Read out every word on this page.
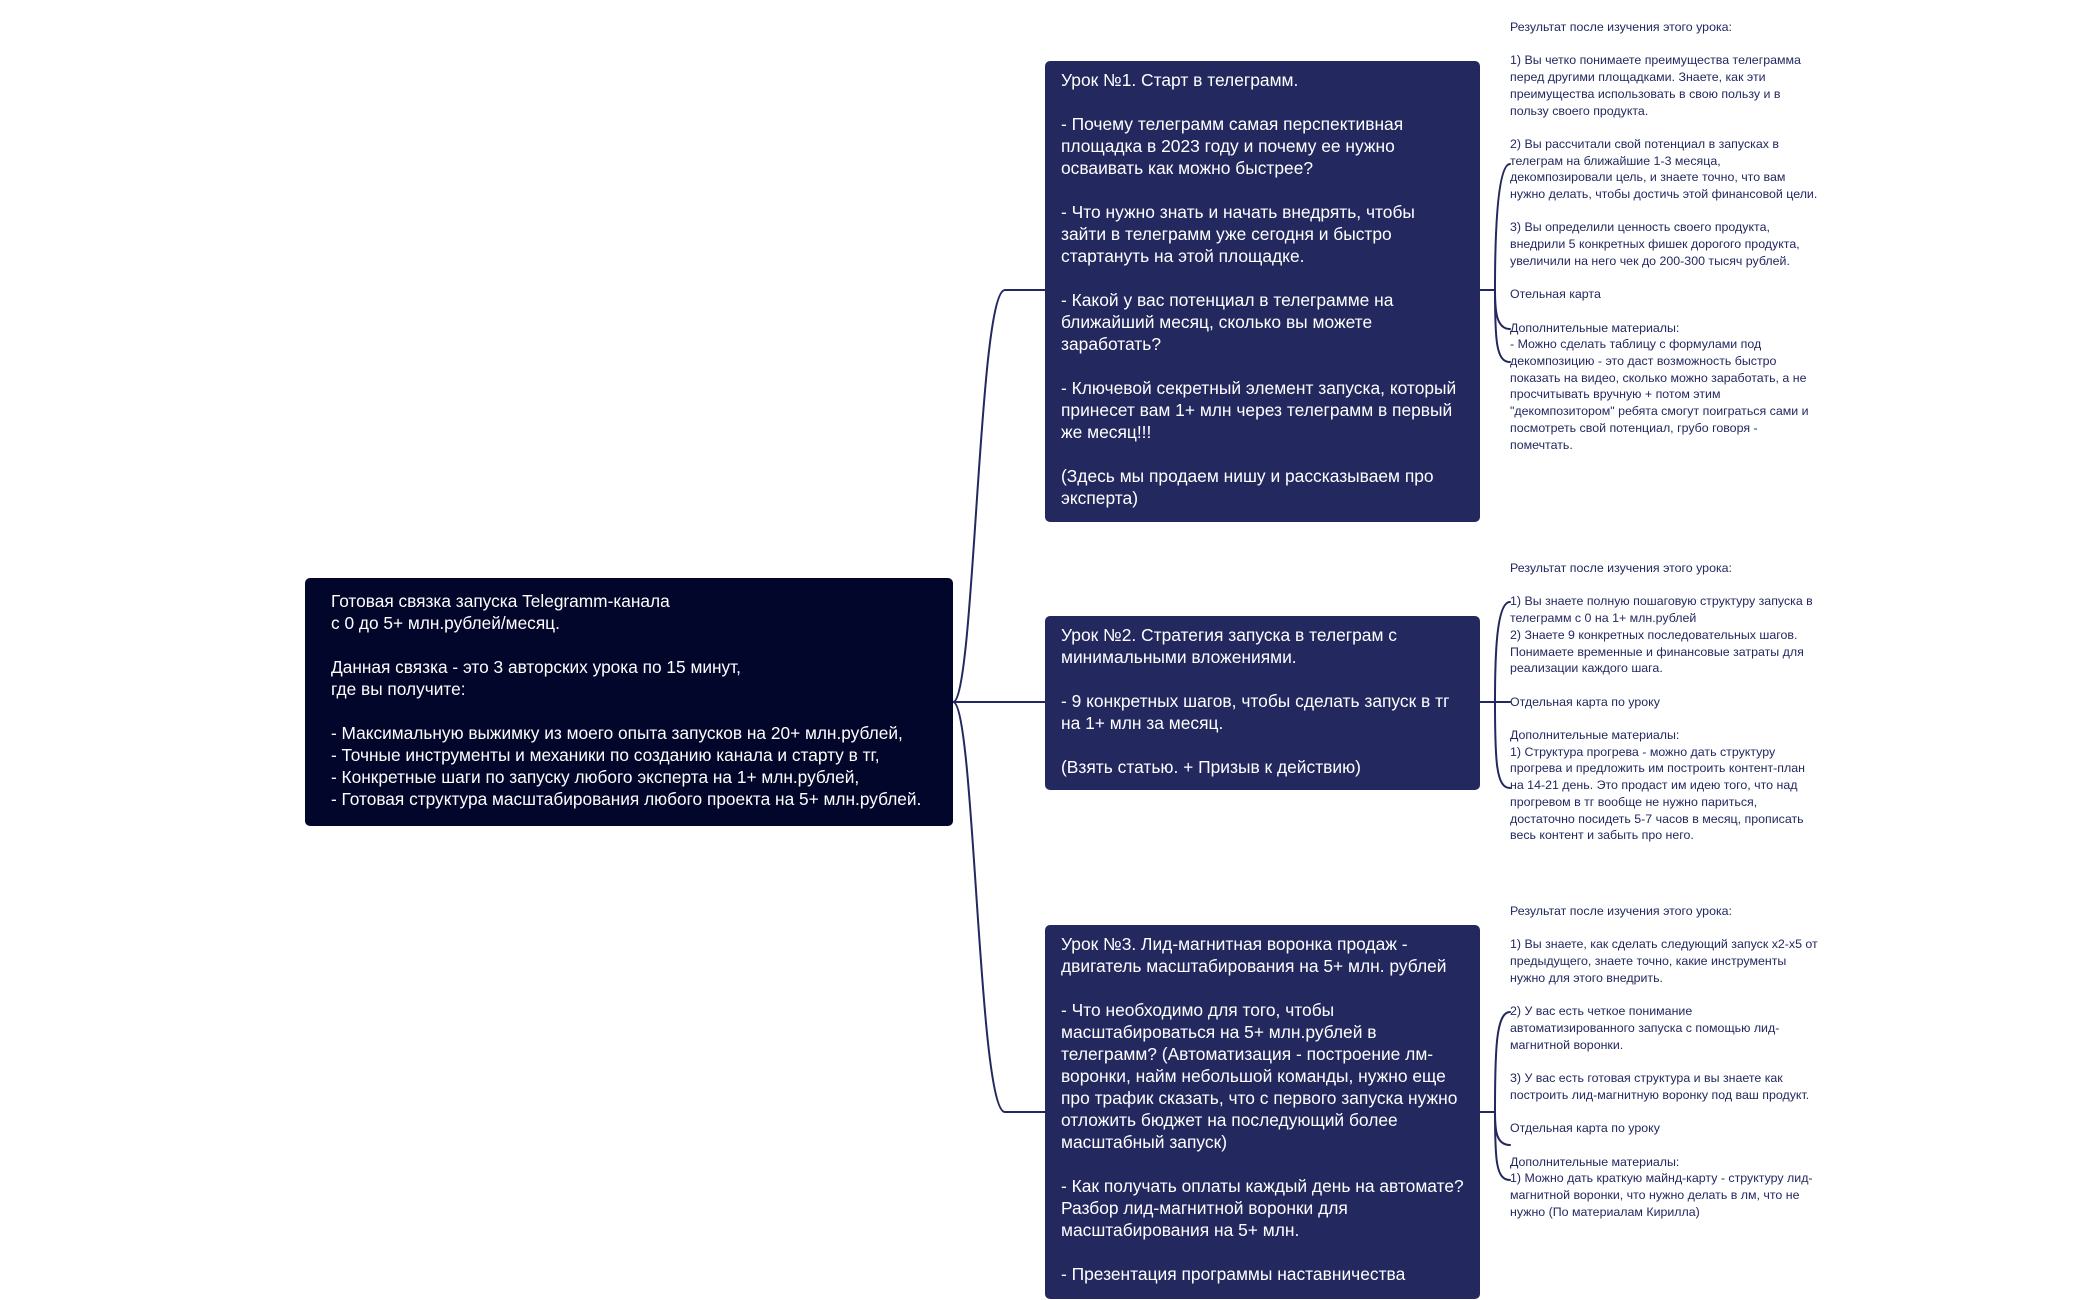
Готовая связка запуска Telegramm-канала
с 0 до 5+ млн.рублей/месяц.

Данная связка - это 3 авторских урока по 15 минут,
где вы получите:

- Максимальную выжимку из моего опыта запусков на 20+ млн.рублей,
- Точные инструменты и механики по созданию канала и старту в тг,
- Конкретные шаги по запуску любого эксперта на 1+ млн.рублей,
- Готовая структура масштабирования любого проекта на 5+ млн.рублей.
Урок №1. Старт в телеграмм.

- Почему телеграмм самая перспективная площадка в 2023 году и почему ее нужно осваивать как можно быстрее?

- Что нужно знать и начать внедрять, чтобы зайти в телеграмм уже сегодня и быстро стартануть на этой площадке.

- Какой у вас потенциал в телеграмме на ближайший месяц, сколько вы можете заработать?

- Ключевой секретный элемент запуска, который принесет вам 1+ млн через телеграмм в первый же месяц!!!

(Здесь мы продаем нишу и рассказываем про эксперта)
Урок №2. Стратегия запуска в телеграм с минимальными вложениями.

- 9 конкретных шагов, чтобы сделать запуск в тг на 1+ млн за месяц.

(Взять статью. + Призыв к действию)
Урок №3. Лид-магнитная воронка продаж - двигатель масштабирования на 5+ млн. рублей

- Что необходимо для того, чтобы масштабироваться на 5+ млн.рублей в телеграмм? (Автоматизация - построение лм-воронки, найм небольшой команды, нужно еще про трафик сказать, что с первого запуска нужно отложить бюджет на последующий более масштабный запуск)

- Как получать оплаты каждый день на автомате? Разбор лид-магнитной воронки для масштабирования на 5+ млн.

- Презентация программы наставничества

Результат после изучения этого урока:

1) Вы четко понимаете преимущества телеграмма перед другими площадками. Знаете, как эти преимущества использовать в свою пользу и в пользу своего продукта.

2) Вы рассчитали свой потенциал в запусках в телеграм на ближайшие 1-3 месяца, декомпозировали цель, и знаете точно, что вам нужно делать, чтобы достичь этой финансовой цели.

3) Вы определили ценность своего продукта, внедрили 5 конкретных фишек дорогого продукта, увеличили на него чек до 200-300 тысяч рублей.

Отельная карта

Дополнительные материалы:
- Можно сделать таблицу с формулами под декомпозицию - это даст возможность быстро показать на видео, сколько можно заработать, а не просчитывать вручную + потом этим "декомпозитором" ребята смогут поиграться сами и посмотреть свой потенциал, грубо говоря - помечтать.

Результат после изучения этого урока:

1) Вы знаете полную пошаговую структуру запуска в телеграмм с 0 на 1+ млн.рублей
2) Знаете 9 конкретных последовательных шагов. Понимаете временные и финансовые затраты для реализации каждого шага.

Отдельная карта по уроку

Дополнительные материалы:
1) Структура прогрева - можно дать структуру прогрева и предложить им построить контент-план на 14-21 день. Это продаст им идею того, что над прогревом в тг вообще не нужно париться, достаточно посидеть 5-7 часов в месяц, прописать весь контент и забыть про него.

Результат после изучения этого урока:

1) Вы знаете, как сделать следующий запуск х2-х5 от предыдущего, знаете точно, какие инструменты нужно для этого внедрить.

2) У вас есть четкое понимание автоматизированного запуска с помощью лид-магнитной воронки.

3) У вас есть готовая структура и вы знаете как построить лид-магнитную воронку под ваш продукт.

Отдельная карта по уроку

Дополнительные материалы:
1) Можно дать краткую майнд-карту - структуру лид-магнитной воронки, что нужно делать в лм, что не нужно (По материалам Кирилла)
